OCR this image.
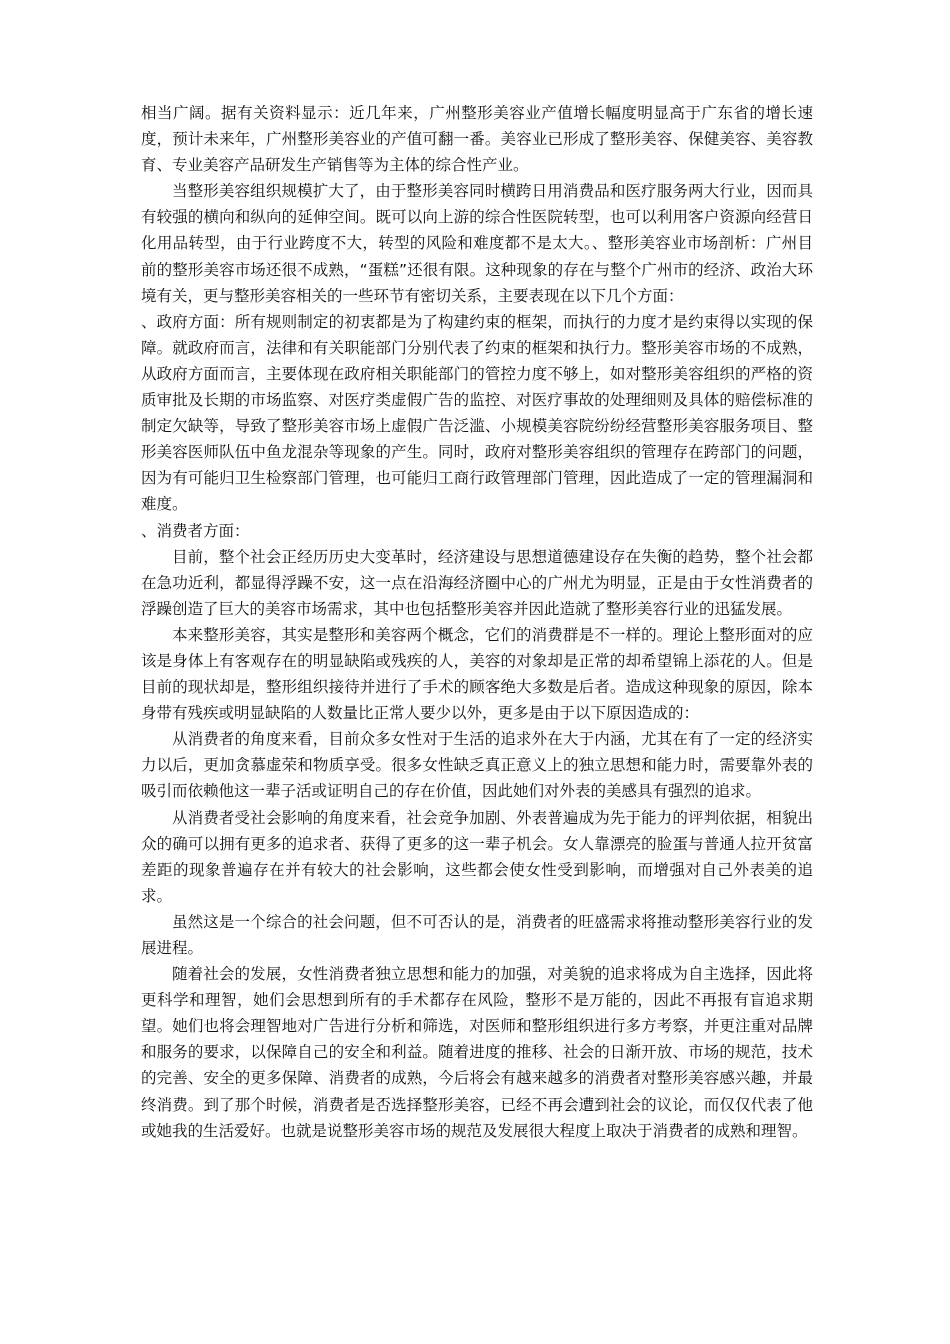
相当广阔。据有关资料显示：近几年来，广州整形美容业产值增长幅度明显高于广东省的增长速度，预计未来年，广州整形美容业的产值可翻一番。美容业已形成了整形美容、保健美容、美容教育、专业美容产品研发生产销售等为主体的综合性产业。

当整形美容组织规模扩大了，由于整形美容同时横跨日用消费品和医疗服务两大行业，因而具有较强的横向和纵向的延伸空间。既可以向上游的综合性医院转型，也可以利用客户资源向经营日化用品转型，由于行业跨度不大，转型的风险和难度都不是太大。、整形美容业市场剖析：广州目前的整形美容市场还很不成熟，“蛋糕”还很有限。这种现象的存在与整个广州市的经济、政治大环境有关，更与整形美容相关的一些环节有密切关系，主要表现在以下几个方面：

、政府方面：所有规则制定的初衷都是为了构建约束的框架，而执行的力度才是约束得以实现的保障。就政府而言，法律和有关职能部门分别代表了约束的框架和执行力。整形美容市场的不成熟，从政府方面而言，主要体现在政府相关职能部门的管控力度不够上，如对整形美容组织的严格的资质审批及长期的市场监察、对医疗类虚假广告的监控、对医疗事故的处理细则及具体的赔偿标准的制定欠缺等，导致了整形美容市场上虚假广告泛滥、小规模美容院纷纷经营整形美容服务项目、整形美容医师队伍中鱼龙混杂等现象的产生。同时，政府对整形美容组织的管理存在跨部门的问题，因为有可能归卫生检察部门管理，也可能归工商行政管理部门管理，因此造成了一定的管理漏洞和难度。

、消费者方面：

目前，整个社会正经历历史大变革时，经济建设与思想道德建设存在失衡的趋势，整个社会都在急功近利，都显得浮躁不安，这一点在沿海经济圈中心的广州尤为明显，正是由于女性消费者的浮躁创造了巨大的美容市场需求，其中也包括整形美容并因此造就了整形美容行业的迅猛发展。

本来整形美容，其实是整形和美容两个概念，它们的消费群是不一样的。理论上整形面对的应该是身体上有客观存在的明显缺陷或残疾的人，美容的对象却是正常的却希望锦上添花的人。但是目前的现状却是，整形组织接待并进行了手术的顾客绝大多数是后者。造成这种现象的原因，除本身带有残疾或明显缺陷的人数量比正常人要少以外，更多是由于以下原因造成的：

从消费者的角度来看，目前众多女性对于生活的追求外在大于内涵，尤其在有了一定的经济实力以后，更加贪慕虚荣和物质享受。很多女性缺乏真正意义上的独立思想和能力时，需要靠外表的吸引而依赖他这一辈子活或证明自己的存在价值，因此她们对外表的美感具有强烈的追求。

从消费者受社会影响的角度来看，社会竞争加剧、外表普遍成为先于能力的评判依据，相貌出众的确可以拥有更多的追求者、获得了更多的这一辈子机会。女人靠漂亮的脸蛋与普通人拉开贫富差距的现象普遍存在并有较大的社会影响，这些都会使女性受到影响，而增强对自己外表美的追求。

虽然这是一个综合的社会问题，但不可否认的是，消费者的旺盛需求将推动整形美容行业的发展进程。

随着社会的发展，女性消费者独立思想和能力的加强，对美貌的追求将成为自主选择，因此将更科学和理智，她们会思想到所有的手术都存在风险，整形不是万能的，因此不再报有盲追求期望。她们也将会理智地对广告进行分析和筛选，对医师和整形组织进行多方考察，并更注重对品牌和服务的要求，以保障自己的安全和利益。随着进度的推移、社会的日渐开放、市场的规范，技术的完善、安全的更多保障、消费者的成熟，今后将会有越来越多的消费者对整形美容感兴趣，并最终消费。到了那个时候，消费者是否选择整形美容，已经不再会遭到社会的议论，而仅仅代表了他或她我的生活爱好。也就是说整形美容市场的规范及发展很大程度上取决于消费者的成熟和理智。
